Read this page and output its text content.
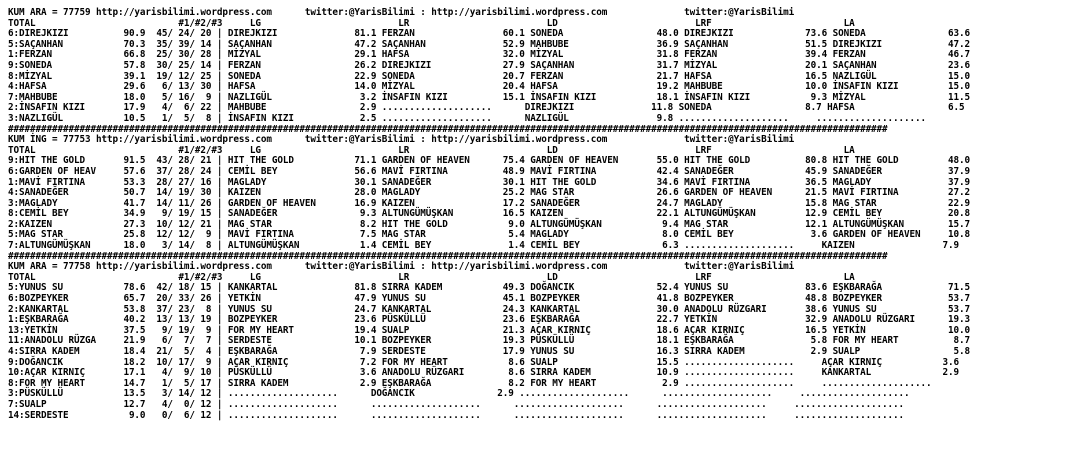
KUM ARA = 77759 http://yarisbilimi.wordpress.com      twitter:@YarisBilimi : http://yarisbilimi.wordpress.com              twitter:@YarisBilimi
TOTAL                          #1/#2/#3     LG                         LR                         LD                         LRF                        LA
6:DIREJKIZI          90.9  45/ 24/ 20 | DIREJKIZI              81.1 FERZAN                60.1 SONEDA                 48.0 DIREJKIZI             73.6 SONEDA               63.6
5:SAÇANHAN           70.3  35/ 39/ 14 | SAÇANHAN               47.2 SAÇANHAN              52.9 MAHBUBE                36.9 SAÇANHAN              51.5 DIREJKIZI            47.2
1:FERZAN             66.8  25/ 30/ 28 | MİZYAL                 29.1 HAFSA                 32.0 MİZYAL                 31.8 FERZAN                39.4 FERZAN               46.7
9:SONEDA             57.8  30/ 25/ 14 | FERZAN                 26.2 DIREJKIZI             27.9 SAÇANHAN               31.7 MİZYAL                20.1 SAÇANHAN             23.6
8:MİZYAL             39.1  19/ 12/ 25 | SONEDA                 22.9 SONEDA                20.7 FERZAN                 21.7 HAFSA                 16.5 NAZLIGÜL             15.0
4:HAFSA              29.6   6/ 13/ 30 | HAFSA                  14.0 MİZYAL                20.4 HAFSA                  19.2 MAHBUBE               10.0 İNSAFIN KIZI         15.0
7:MAHBUBE            18.0   5/ 16/  9 | NAZLIGÜL                3.2 İNSAFIN KIZI          15.1 İNSAFIN KIZI           18.1 İNSAFIN KIZI           9.3 MİZYAL               11.5
2:İNSAFIN KIZI       17.9   4/  6/ 22 | MAHBUBE                 2.9 ....................      DIREJKIZI              11.8 SONEDA                 8.7 HAFSA                 6.5
3:NAZLIGÜL           10.5   1/  5/  8 | İNSAFIN KIZI            2.5 ....................      NAZLIGÜL                9.8 ....................     ....................
################################################################################################################################################################
KUM İNG = 77753 http://yarisbilimi.wordpress.com      twitter:@YarisBilimi : http://yarisbilimi.wordpress.com              twitter:@YarisBilimi
TOTAL                          #1/#2/#3     LG                         LR                         LD                         LRF                        LA
9:HIT THE GOLD       91.5  43/ 28/ 21 | HIT THE GOLD           71.1 GARDEN OF HEAVEN      75.4 GARDEN OF HEAVEN       55.0 HIT THE GOLD          80.8 HIT THE GOLD         48.0
6:GARDEN OF HEAV     57.6  37/ 28/ 24 | CEMİL BEY              56.6 MAVİ FIRTINA          48.9 MAVİ FIRTINA           42.4 SANADEĞER             45.9 SANADEĞER            37.9
1:MAVİ FIRTINA       53.3  28/ 27/ 16 | MAGLADY                30.1 SANADEĞER             30.1 HIT THE GOLD           34.6 MAVİ FIRTINA          36.5 MAGLADY              37.9
4:SANADEĞER          50.7  14/ 19/ 30 | KAIZEN                 28.0 MAGLADY               25.2 MAG STAR               26.6 GARDEN OF HEAVEN      21.5 MAVİ FIRTINA         27.2
3:MAGLADY            41.7  14/ 11/ 26 | GARDEN OF HEAVEN       16.9 KAIZEN                17.2 SANADEĞER              24.7 MAGLADY               15.8 MAG STAR             22.9
8:CEMİL BEY          34.9   9/ 19/ 15 | SANADEĞER               9.3 ALTUNGÜMÜŞKAN         16.5 KAIZEN                 22.1 ALTUNGÜMÜŞKAN         12.9 CEMİL BEY            20.8
2:KAIZEN             27.3  10/ 12/ 21 | MAG STAR                8.2 HIT THE GOLD           9.0 ALTUNGÜMÜŞKAN           9.4 MAG STAR              12.1 ALTUNGÜMÜŞKAN        15.7
5:MAG STAR           25.8  12/ 12/  9 | MAVİ FIRTINA            7.5 MAG STAR               5.4 MAGLADY                 8.0 CEMİL BEY              3.6 GARDEN OF HEAVEN     10.8
7:ALTUNGÜMÜŞKAN      18.0   3/ 14/  8 | ALTUNGÜMÜŞKAN           1.4 CEMİL BEY              1.4 CEMİL BEY               6.3 ....................     KAIZEN                7.9
################################################################################################################################################################
KUM ARA = 77758 http://yarisbilimi.wordpress.com      twitter:@YarisBilimi : http://yarisbilimi.wordpress.com              twitter:@YarisBilimi
TOTAL                          #1/#2/#3     LG                         LR                         LD                         LRF                        LA
5:YUNUS SU           78.6  42/ 18/ 15 | KANKARTAL              81.8 SIRRA KADEM           49.3 DOĞANCIK               52.4 YUNUS SU              83.6 EŞKBARAĞA            71.5
6:BOZPEYKER          65.7  20/ 33/ 26 | YETKİN                 47.9 YUNUS SU              45.1 BOZPEYKER              41.8 BOZPEYKER             48.8 BOZPEYKER            53.7
2:KANKARTAL          53.8  37/ 23/  8 | YUNUS SU               24.7 KANKARTAL             24.3 KANKARTAL              30.0 ANADOLU RÜZGARI       38.6 YUNUS SU             53.7
1:EŞKBARAĞA          40.2  13/ 13/ 19 | BOZPEYKER              23.6 PÜSKÜLLÜ              23.6 EŞKBARAĞA              22.7 YETKİN                32.9 ANADOLU RÜZGARI      19.3
13:YETKİN            37.5   9/ 19/  9 | FOR MY HEART           19.4 SUALP                 21.3 AÇAR KIRNIÇ            18.6 AÇAR KIRNIÇ           16.5 YETKİN               10.0
11:ANADOLU RÜZGA     21.9   6/  7/  7 | SERDESTE               10.1 BOZPEYKER             19.3 PÜSKÜLLÜ               18.1 EŞKBARAĞA              5.8 FOR MY HEART          8.7
4:SIRRA KADEM        18.4  21/  5/  4 | EŞKBARAĞA               7.9 SERDESTE              17.9 YUNUS SU               16.3 SIRRA KADEM            2.9 SUALP                 5.8
9:DOĞANCIK           18.2  10/ 17/  9 | AÇAR KIRNIÇ             7.2 FOR MY HEART           8.6 SUALP                  15.5 ....................     AÇAR KIRNIÇ           3.6
10:AÇAR KIRNIÇ       17.1   4/  9/ 10 | PÜSKÜLLÜ                3.6 ANADOLU RÜZGARI        8.6 SIRRA KADEM            10.9 ....................     KANKARTAL             2.9
8:FOR MY HEART       14.7   1/  5/ 17 | SIRRA KADEM             2.9 EŞKBARAĞA              8.2 FOR MY HEART            2.9 ....................     ....................
3:PÜSKÜLLÜ           13.5   3/ 14/ 12 | ....................      DOĞANCIK               2.9 ....................      ....................     ....................
7:SUALP              12.7   4/  0/ 12 | ....................      ....................      ....................      ....................     ....................
14:SERDESTE           9.0   0/  6/ 12 | ....................      ....................      ....................      ....................     ....................
